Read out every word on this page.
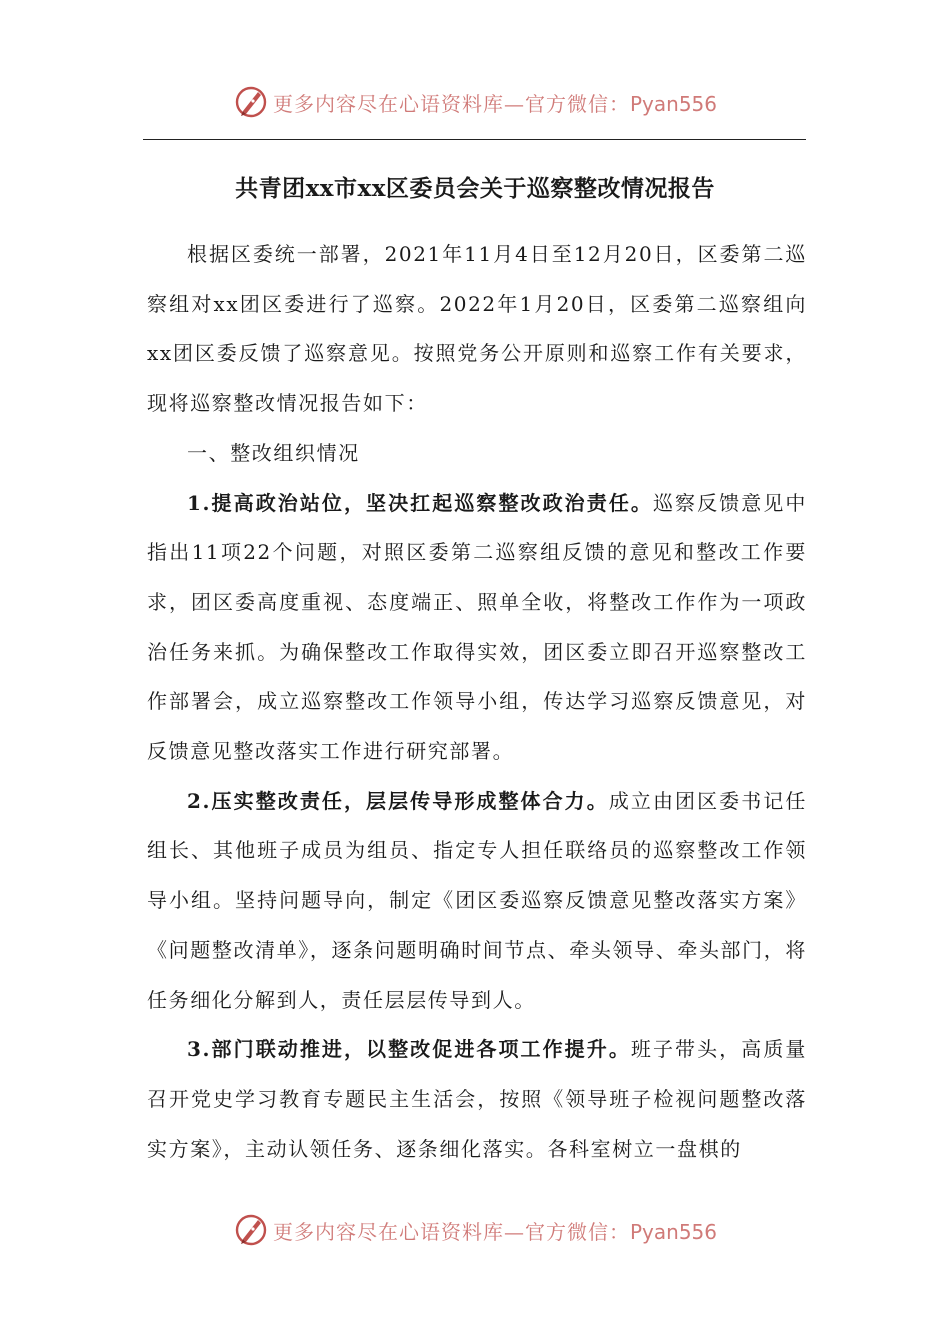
更多内容尽在心语资料库—官方微信：Pyan556
共青团xx市xx区委员会关于巡察整改情况报告

根据区委统一部署，2021年11月4日至12月20日，区委第二巡察组对xx团区委进行了巡察。2022年1月20日，区委第二巡察组向xx团区委反馈了巡察意见。按照党务公开原则和巡察工作有关要求，现将巡察整改情况报告如下：

一、整改组织情况

1.提高政治站位，坚决扛起巡察整改政治责任。巡察反馈意见中指出11项22个问题，对照区委第二巡察组反馈的意见和整改工作要求，团区委高度重视、态度端正、照单全收，将整改工作作为一项政治任务来抓。为确保整改工作取得实效，团区委立即召开巡察整改工作部署会，成立巡察整改工作领导小组，传达学习巡察反馈意见，对反馈意见整改落实工作进行研究部署。

2.压实整改责任，层层传导形成整体合力。成立由团区委书记任组长、其他班子成员为组员、指定专人担任联络员的巡察整改工作领导小组。坚持问题导向，制定《团区委巡察反馈意见整改落实方案》《问题整改清单》，逐条问题明确时间节点、牵头领导、牵头部门，将任务细化分解到人，责任层层传导到人。

3.部门联动推进，以整改促进各项工作提升。班子带头，高质量召开党史学习教育专题民主生活会，按照《领导班子检视问题整改落实方案》，主动认领任务、逐条细化落实。各科室树立一盘棋的

更多内容尽在心语资料库—官方微信：Pyan556
